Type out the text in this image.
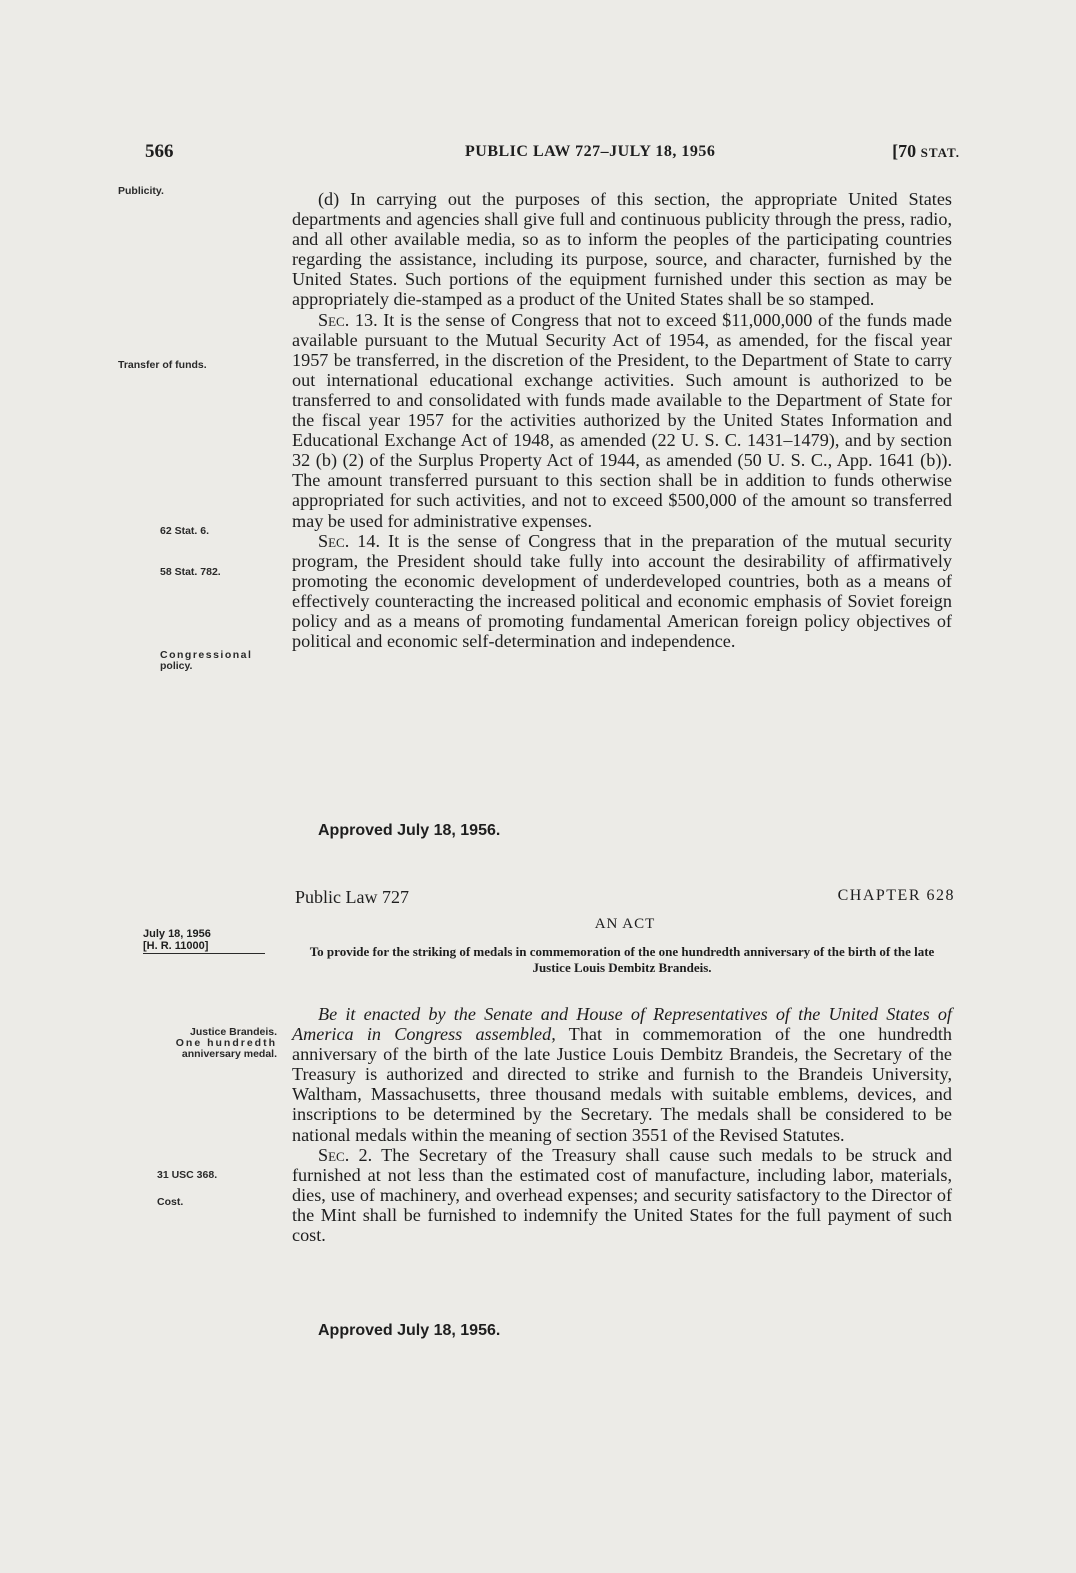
566	PUBLIC LAW 727–JULY 18, 1956	[70 STAT.
Publicity.
Transfer of funds.
62 Stat. 6.
58 Stat. 782.
Congressional
policy.
July 18, 1956
[H. R. 11000]
Justice Brandeis.
One hundredth
anniversary medal.
31 USC 368.
Cost.

(d) In carrying out the purposes of this section, the appropriate United States departments and agencies shall give full and continuous publicity through the press, radio, and all other available media, so as to inform the peoples of the participating countries regarding the assistance, including its purpose, source, and character, furnished by the United States. Such portions of the equipment furnished under this section as may be appropriately die-stamped as a product of the United States shall be so stamped.

Sec. 13. It is the sense of Congress that not to exceed $11,000,000 of the funds made available pursuant to the Mutual Security Act of 1954, as amended, for the fiscal year 1957 be transferred, in the discretion of the President, to the Department of State to carry out international educational exchange activities. Such amount is authorized to be transferred to and consolidated with funds made available to the Department of State for the fiscal year 1957 for the activities authorized by the United States Information and Educational Exchange Act of 1948, as amended (22 U. S. C. 1431–1479), and by section 32 (b) (2) of the Surplus Property Act of 1944, as amended (50 U. S. C., App. 1641 (b)). The amount transferred pursuant to this section shall be in addition to funds otherwise appropriated for such activities, and not to exceed $500,000 of the amount so transferred may be used for administrative expenses.

Sec. 14. It is the sense of Congress that in the preparation of the mutual security program, the President should take fully into account the desirability of affirmatively promoting the economic development of underdeveloped countries, both as a means of effectively counteracting the increased political and economic emphasis of Soviet foreign policy and as a means of promoting fundamental American foreign policy objectives of political and economic self-determination and independence.

Approved July 18, 1956.
Public Law 727	CHAPTER 628
AN ACT
To provide for the striking of medals in commemoration of the one hundredth anniversary of the birth of the late Justice Louis Dembitz Brandeis.

Be it enacted by the Senate and House of Representatives of the United States of America in Congress assembled, That in commemoration of the one hundredth anniversary of the birth of the late Justice Louis Dembitz Brandeis, the Secretary of the Treasury is authorized and directed to strike and furnish to the Brandeis University, Waltham, Massachusetts, three thousand medals with suitable emblems, devices, and inscriptions to be determined by the Secretary. The medals shall be considered to be national medals within the meaning of section 3551 of the Revised Statutes.

Sec. 2. The Secretary of the Treasury shall cause such medals to be struck and furnished at not less than the estimated cost of manufacture, including labor, materials, dies, use of machinery, and overhead expenses; and security satisfactory to the Director of the Mint shall be furnished to indemnify the United States for the full payment of such cost.

Approved July 18, 1956.
